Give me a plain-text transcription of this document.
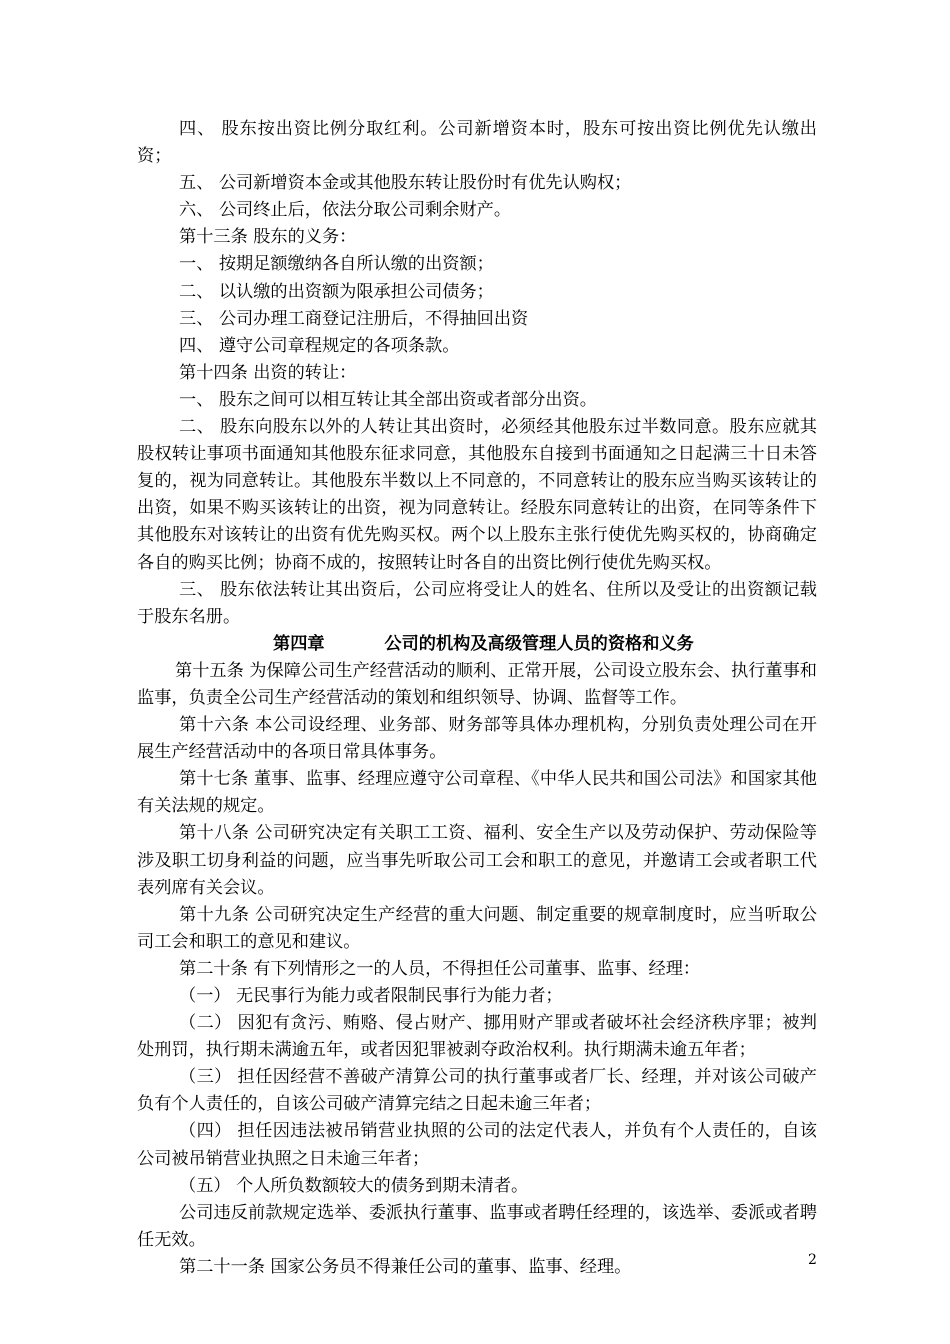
四、 股东按出资比例分取红利。公司新增资本时，股东可按出资比例优先认缴出资；

五、 公司新增资本金或其他股东转让股份时有优先认购权；

六、 公司终止后，依法分取公司剩余财产。

第十三条 股东的义务：

一、 按期足额缴纳各自所认缴的出资额；

二、 以认缴的出资额为限承担公司债务；

三、 公司办理工商登记注册后，不得抽回出资

四、 遵守公司章程规定的各项条款。

第十四条 出资的转让：

一、 股东之间可以相互转让其全部出资或者部分出资。

二、 股东向股东以外的人转让其出资时，必须经其他股东过半数同意。股东应就其股权转让事项书面通知其他股东征求同意，其他股东自接到书面通知之日起满三十日未答复的，视为同意转让。其他股东半数以上不同意的，不同意转让的股东应当购买该转让的出资，如果不购买该转让的出资，视为同意转让。经股东同意转让的出资，在同等条件下其他股东对该转让的出资有优先购买权。两个以上股东主张行使优先购买权的，协商确定各自的购买比例；协商不成的，按照转让时各自的出资比例行使优先购买权。

三、 股东依法转让其出资后，公司应将受让人的姓名、住所以及受让的出资额记载于股东名册。

第四章          公司的机构及高级管理人员的资格和义务

第十五条 为保障公司生产经营活动的顺利、正常开展，公司设立股东会、执行董事和监事，负责全公司生产经营活动的策划和组织领导、协调、监督等工作。

第十六条 本公司设经理、业务部、财务部等具体办理机构，分别负责处理公司在开展生产经营活动中的各项日常具体事务。

第十七条 董事、监事、经理应遵守公司章程、《中华人民共和国公司法》和国家其他有关法规的规定。

第十八条 公司研究决定有关职工工资、福利、安全生产以及劳动保护、劳动保险等涉及职工切身利益的问题，应当事先听取公司工会和职工的意见，并邀请工会或者职工代表列席有关会议。

第十九条 公司研究决定生产经营的重大问题、制定重要的规章制度时，应当听取公司工会和职工的意见和建议。

第二十条 有下列情形之一的人员，不得担任公司董事、监事、经理：

（一） 无民事行为能力或者限制民事行为能力者；

（二） 因犯有贪污、贿赂、侵占财产、挪用财产罪或者破坏社会经济秩序罪；被判处刑罚，执行期未满逾五年，或者因犯罪被剥夺政治权利。执行期满未逾五年者；

（三） 担任因经营不善破产清算公司的执行董事或者厂长、经理，并对该公司破产负有个人责任的，自该公司破产清算完结之日起未逾三年者；

（四） 担任因违法被吊销营业执照的公司的法定代表人，并负有个人责任的，自该公司被吊销营业执照之日未逾三年者；

（五） 个人所负数额较大的债务到期未清者。

公司违反前款规定选举、委派执行董事、监事或者聘任经理的，该选举、委派或者聘任无效。

第二十一条 国家公务员不得兼任公司的董事、监事、经理。	2
